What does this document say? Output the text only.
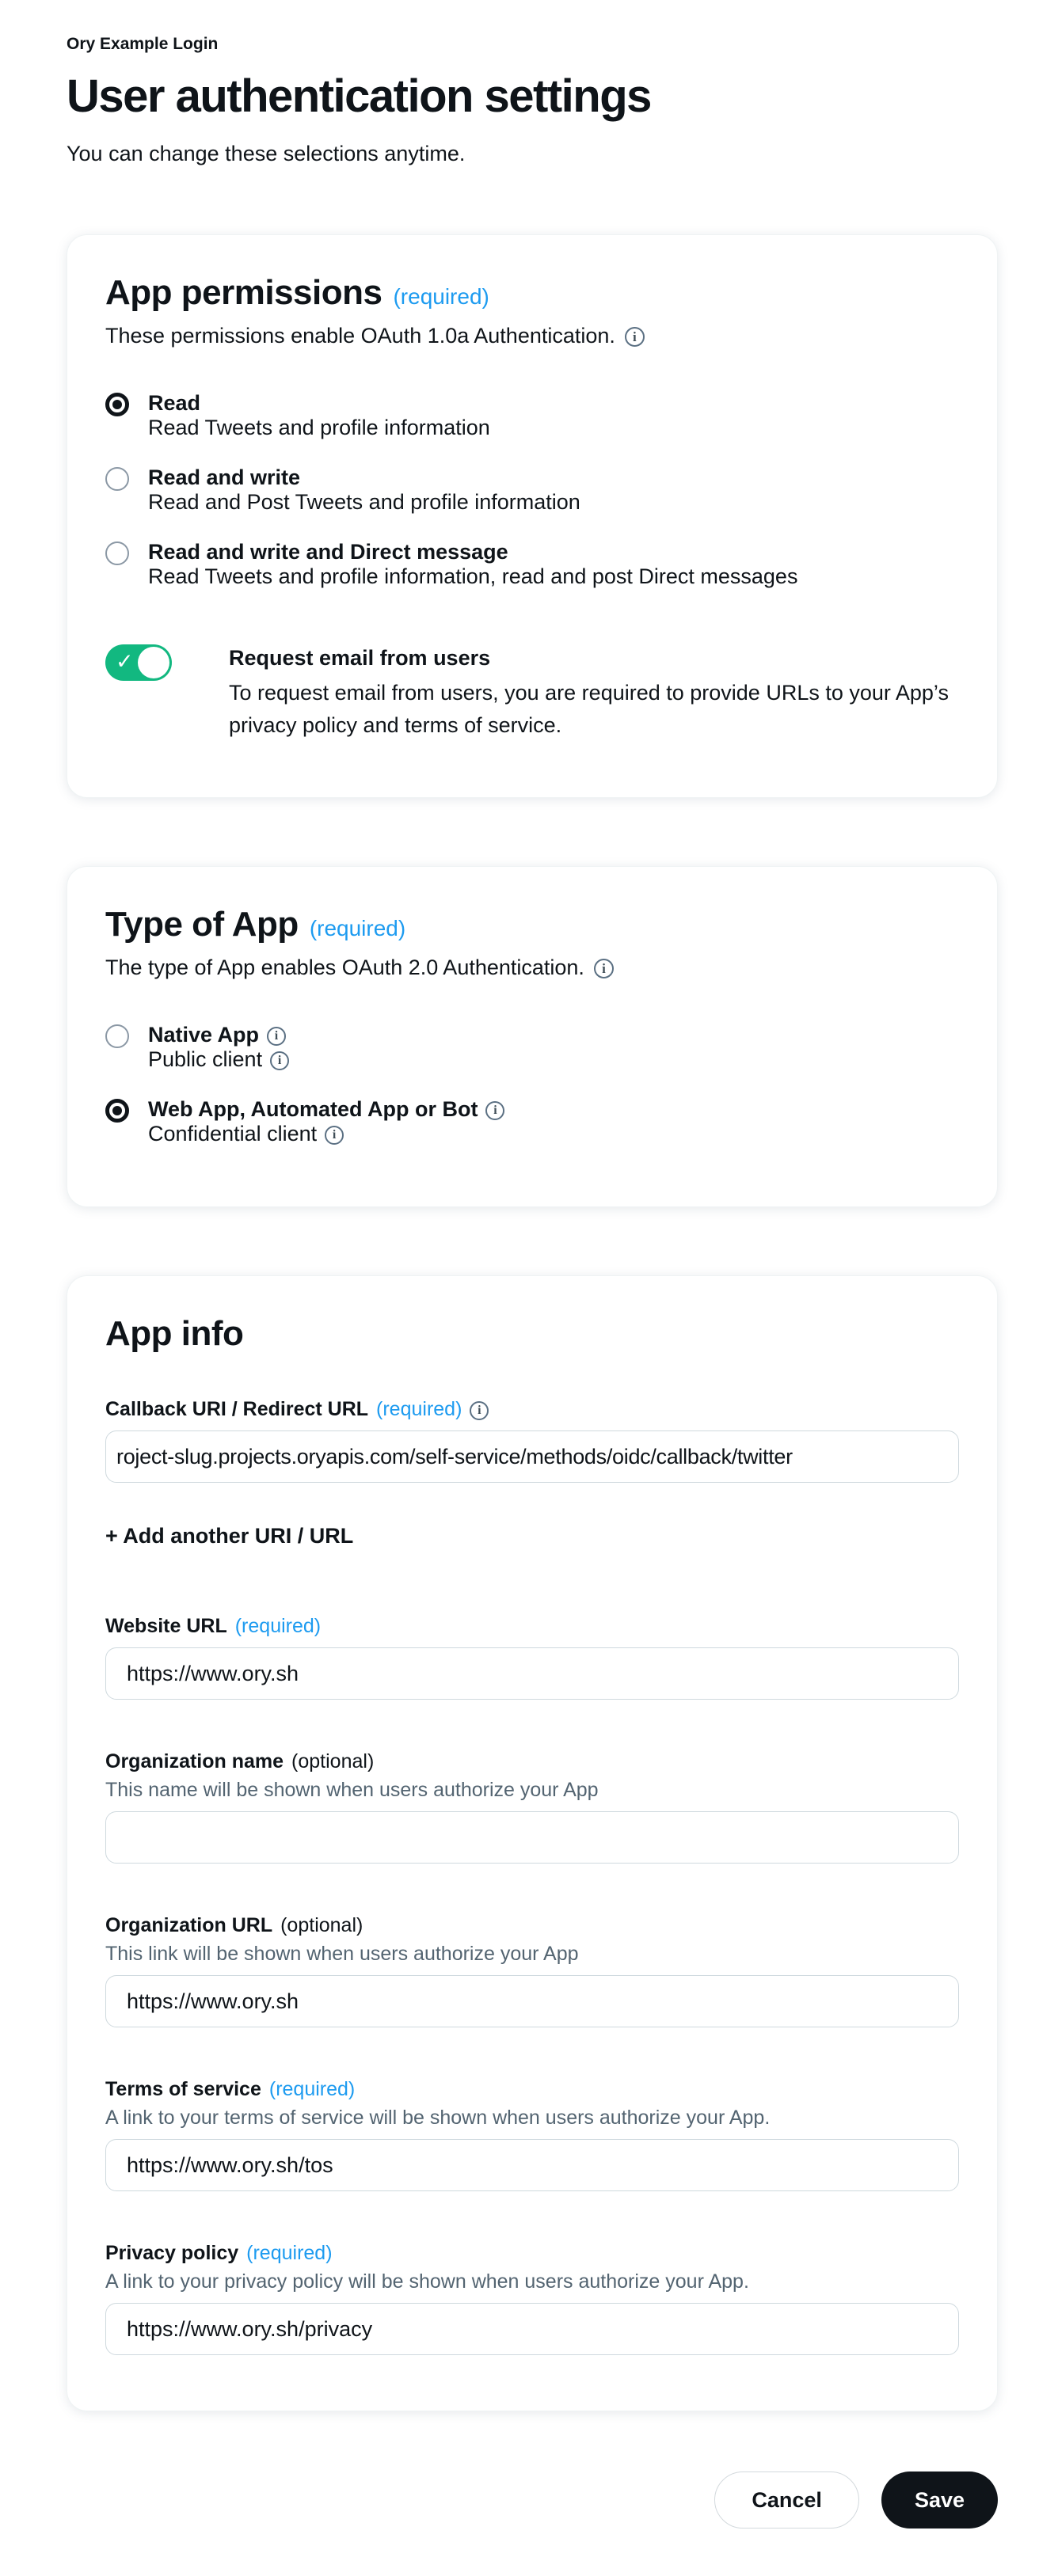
Ory Example Login
User authentication settings

You can change these selections anytime.

App permissions (required)

These permissions enable OAuth 1.0a Authentication.	i

Read
Read Tweets and profile information
Read and write
Read and Post Tweets and profile information
Read and write and Direct message
Read Tweets and profile information, read and post Direct messages
✓	Request email from users
To request email from users, you are required to provide URLs to your App’s privacy policy and terms of service.
Type of App (required)

The type of App enables OAuth 2.0 Authentication.	i

Native App	i
Public client	i
Web App, Automated App or Bot	i
Confidential client	i
App info
Callback URI / Redirect URL (required)	i
roject-slug.projects.oryapis.com/self-service/methods/oidc/callback/twitter
+ Add another URI / URL
Website URL (required)
https://www.ory.sh
Organization name (optional)
This name will be shown when users authorize your App
Organization URL (optional)
This link will be shown when users authorize your App
https://www.ory.sh
Terms of service (required)
A link to your terms of service will be shown when users authorize your App.
https://www.ory.sh/tos
Privacy policy (required)
A link to your privacy policy will be shown when users authorize your App.
https://www.ory.sh/privacy
Cancel	Save
